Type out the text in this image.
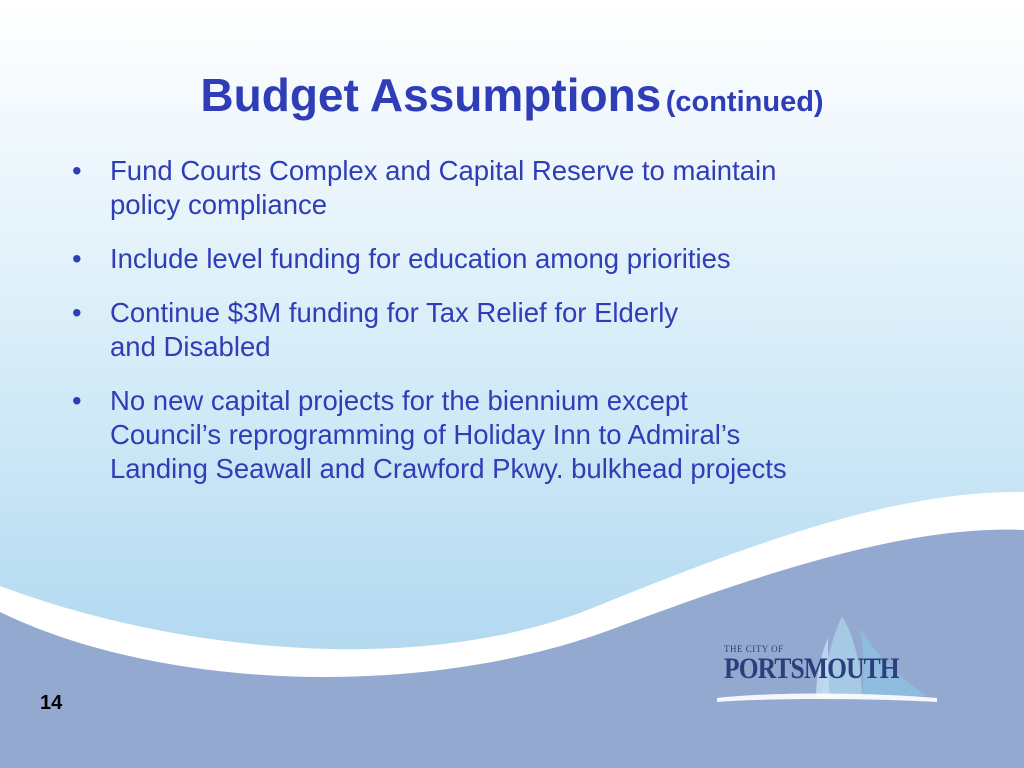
Budget Assumptions (continued)
• Fund Courts Complex and Capital Reserve to maintain
policy compliance
• Include level funding for education among priorities
• Continue $3M funding for Tax Relief for Elderly
and Disabled
• No new capital projects for the biennium except
Council’s reprogramming of Holiday Inn to Admiral’s
Landing Seawall and Crawford Pkwy. bulkhead projects
THE CITY OF
PORTSMOUTH
14
